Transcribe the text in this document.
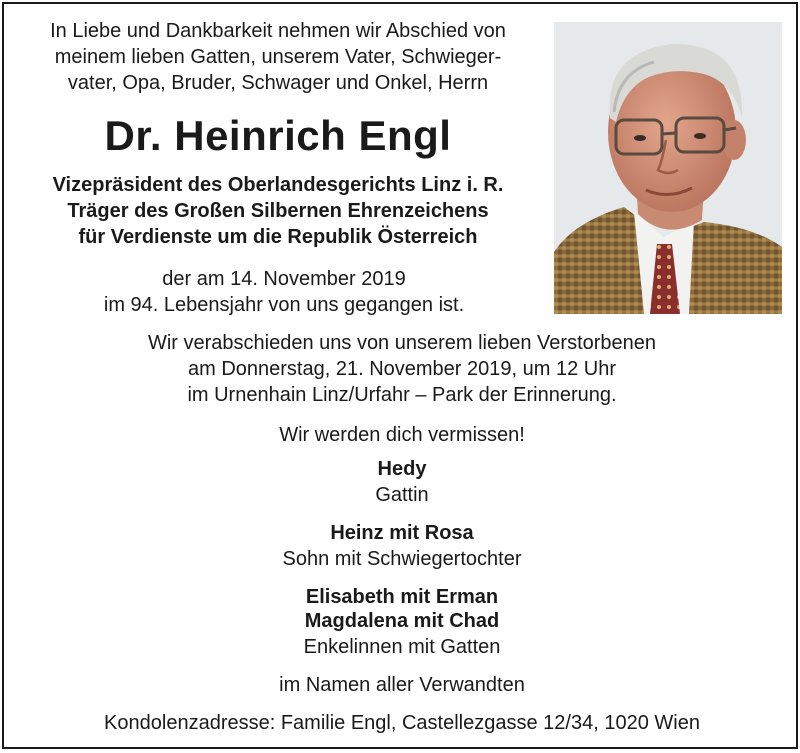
In Liebe und Dankbarkeit nehmen wir Abschied von
meinem lieben Gatten, unserem Vater, Schwieger-
vater, Opa, Bruder, Schwager und Onkel, Herrn
Dr. Heinrich Engl
Vizepräsident des Oberlandesgerichts Linz i. R.
Träger des Großen Silbernen Ehrenzeichens
für Verdienste um die Republik Österreich
der am 14. November 2019
im 94. Lebensjahr von uns gegangen ist.
Wir verabschieden uns von unserem lieben Verstorbenen
am Donnerstag, 21. November 2019, um 12 Uhr
im Urnenhain Linz/Urfahr – Park der Erinnerung.
Wir werden dich vermissen!
Hedy
Gattin
Heinz mit Rosa
Sohn mit Schwiegertochter
Elisabeth mit Erman
Magdalena mit Chad
Enkelinnen mit Gatten
im Namen aller Verwandten
Kondolenzadresse: Familie Engl, Castellezgasse 12/34, 1020 Wien
